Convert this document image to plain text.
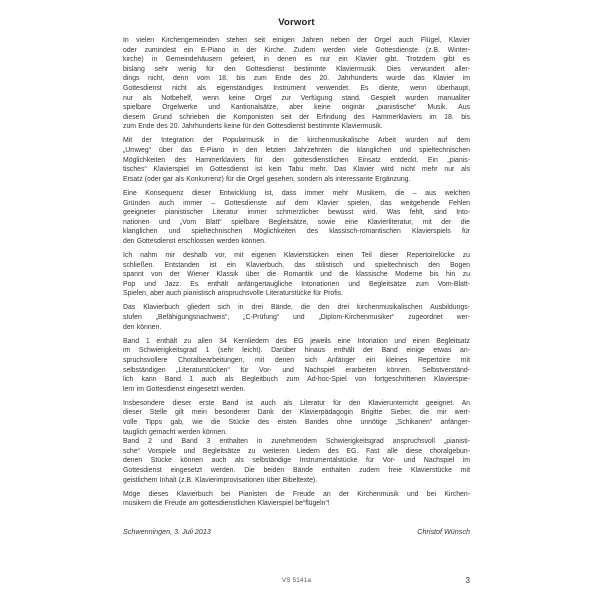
Vorwort
In vielen Kirchengemeinden stehen seit einigen Jahren neben der Orgel auch Flügel, Klavier
oder zumindest ein E-Piano in der Kirche. Zudem werden viele Gottesdienste (z.B. Winter-
kirche) in Gemeindehäusern gefeiert, in denen es nur ein Klavier gibt. Trotzdem gibt es
bislang sehr wenig für den Gottesdienst bestimmte Klaviermusik. Dies verwundert aller-
dings nicht, denn vom 18. bis zum Ende des 20. Jahrhunderts wurde das Klavier im
Gottesdienst nicht als eigenständiges Instrument verwendet. Es diente, wenn überhaupt,
nur als Notbehelf, wenn keine Orgel zur Verfügung stand. Gespielt wurden manualiter
spielbare Orgelwerke und Kantionalsätze, aber keine originär „pianistische“ Musik. Aus
diesem Grund schrieben die Komponisten seit der Erfindung des Hammerklaviers im 18. bis
zum Ende des 20. Jahrhunderts keine für den Gottesdienst bestimmte Klaviermusik.
Mit der Integration der Popularmusik in die kirchenmusikalische Arbeit wurden auf dem
„Umweg“ über das E-Piano in den letzten Jahrzehnten die klanglichen und spieltechnischen
Möglichkeiten des Hammerklaviers für den gottesdienstlichen Einsatz entdeckt. Ein „pianis-
tisches“ Klavierspiel im Gottesdienst ist kein Tabu mehr. Das Klavier wird nicht mehr nur als
Ersatz (oder gar als Konkurrenz) für die Orgel gesehen, sondern als interessante Ergänzung.
Eine Konsequenz dieser Entwicklung ist, dass immer mehr Musikern, die – aus welchen
Gründen auch immer – Gottesdienste auf dem Klavier spielen, das weitgehende Fehlen
geeigneter pianistischer Literatur immer schmerzlicher bewusst wird. Was fehlt, sind Into-
nationen und „Vom Blatt“ spielbare Begleitsätze, sowie eine Klavierliteratur, mit der die
klanglichen und spieltechnischen Möglichkeiten des klassisch-romantischen Klavierspiels für
den Gottesdienst erschlossen werden können.
Ich nahm mir deshalb vor, mit eigenen Klavierstücken einen Teil dieser Repertoirelücke zu
schließen. Entstanden ist ein Klavierbuch, das stilistisch und spieltechnisch den Bogen
spannt von der Wiener Klassik über die Romantik und die klassische Moderne bis hin zu
Pop und Jazz. Es enthält anfängertaugliche Intonationen und Begleitsätze zum Vom-Blatt-
Spielen, aber auch pianistisch anspruchsvolle Literaturstücke für Profis.
Das Klavierbuch gliedert sich in drei Bände, die den drei kirchenmusikalischen Ausbildungs-
stufen „Befähigungsnachweis“, „C-Prüfung“ und „Diplom-Kirchenmusiker“ zugeordnet wer-
den können.
Band 1 enthält zu allen 34 Kernliedern des EG jeweils eine Intonation und einen Begleitsatz
im Schwierigkeitsgrad 1 (sehr leicht). Darüber hinaus enthält der Band einige etwas an-
spruchsvollere Choralbearbeitungen, mit denen sich Anfänger ein kleines Repertoire mit
selbständigen „Literaturstücken“ für Vor- und Nachspiel erarbeiten können. Selbstverständ-
lich kann Band 1 auch als Begleitbuch zum Ad-hoc-Spiel von fortgeschrittenen Klavierspie-
lern im Gottesdienst eingesetzt werden.
Insbesondere dieser erste Band ist auch als Literatur für den Klavierunterricht geeignet. An
dieser Stelle gilt mein besonderer Dank der Klavierpädagogin Brigitte Sieber, die mir wert-
volle Tipps gab, wie die Stücke des ersten Bandes ohne unnötige „Schikanen“ anfänger-
tauglich gemacht werden können.
Band 2 und Band 3 enthalten in zunehmendem Schwierigkeitsgrad anspruchsvoll „pianisti-
sche“ Vorspiele und Begleitsätze zu weiteren Liedern des EG. Fast alle diese choralgebun-
denen Stücke können auch als selbständige Instrumentalstücke für Vor- und Nachspiel im
Gottesdienst eingesetzt werden. Die beiden Bände enthalten zudem freie Klavierstücke mit
geistlichem Inhalt (z.B. Klavierimprovisationen über Bibeltexte).
Möge dieses Klavierbuch bei Pianisten die Freude an der Kirchenmusik und bei Kirchen-
musikern die Freude am gottesdienstlichen Klavierspiel be“flügeln“!
Schwenningen, 3. Juli 2013	Christof Wünsch
VS 5141a	3
